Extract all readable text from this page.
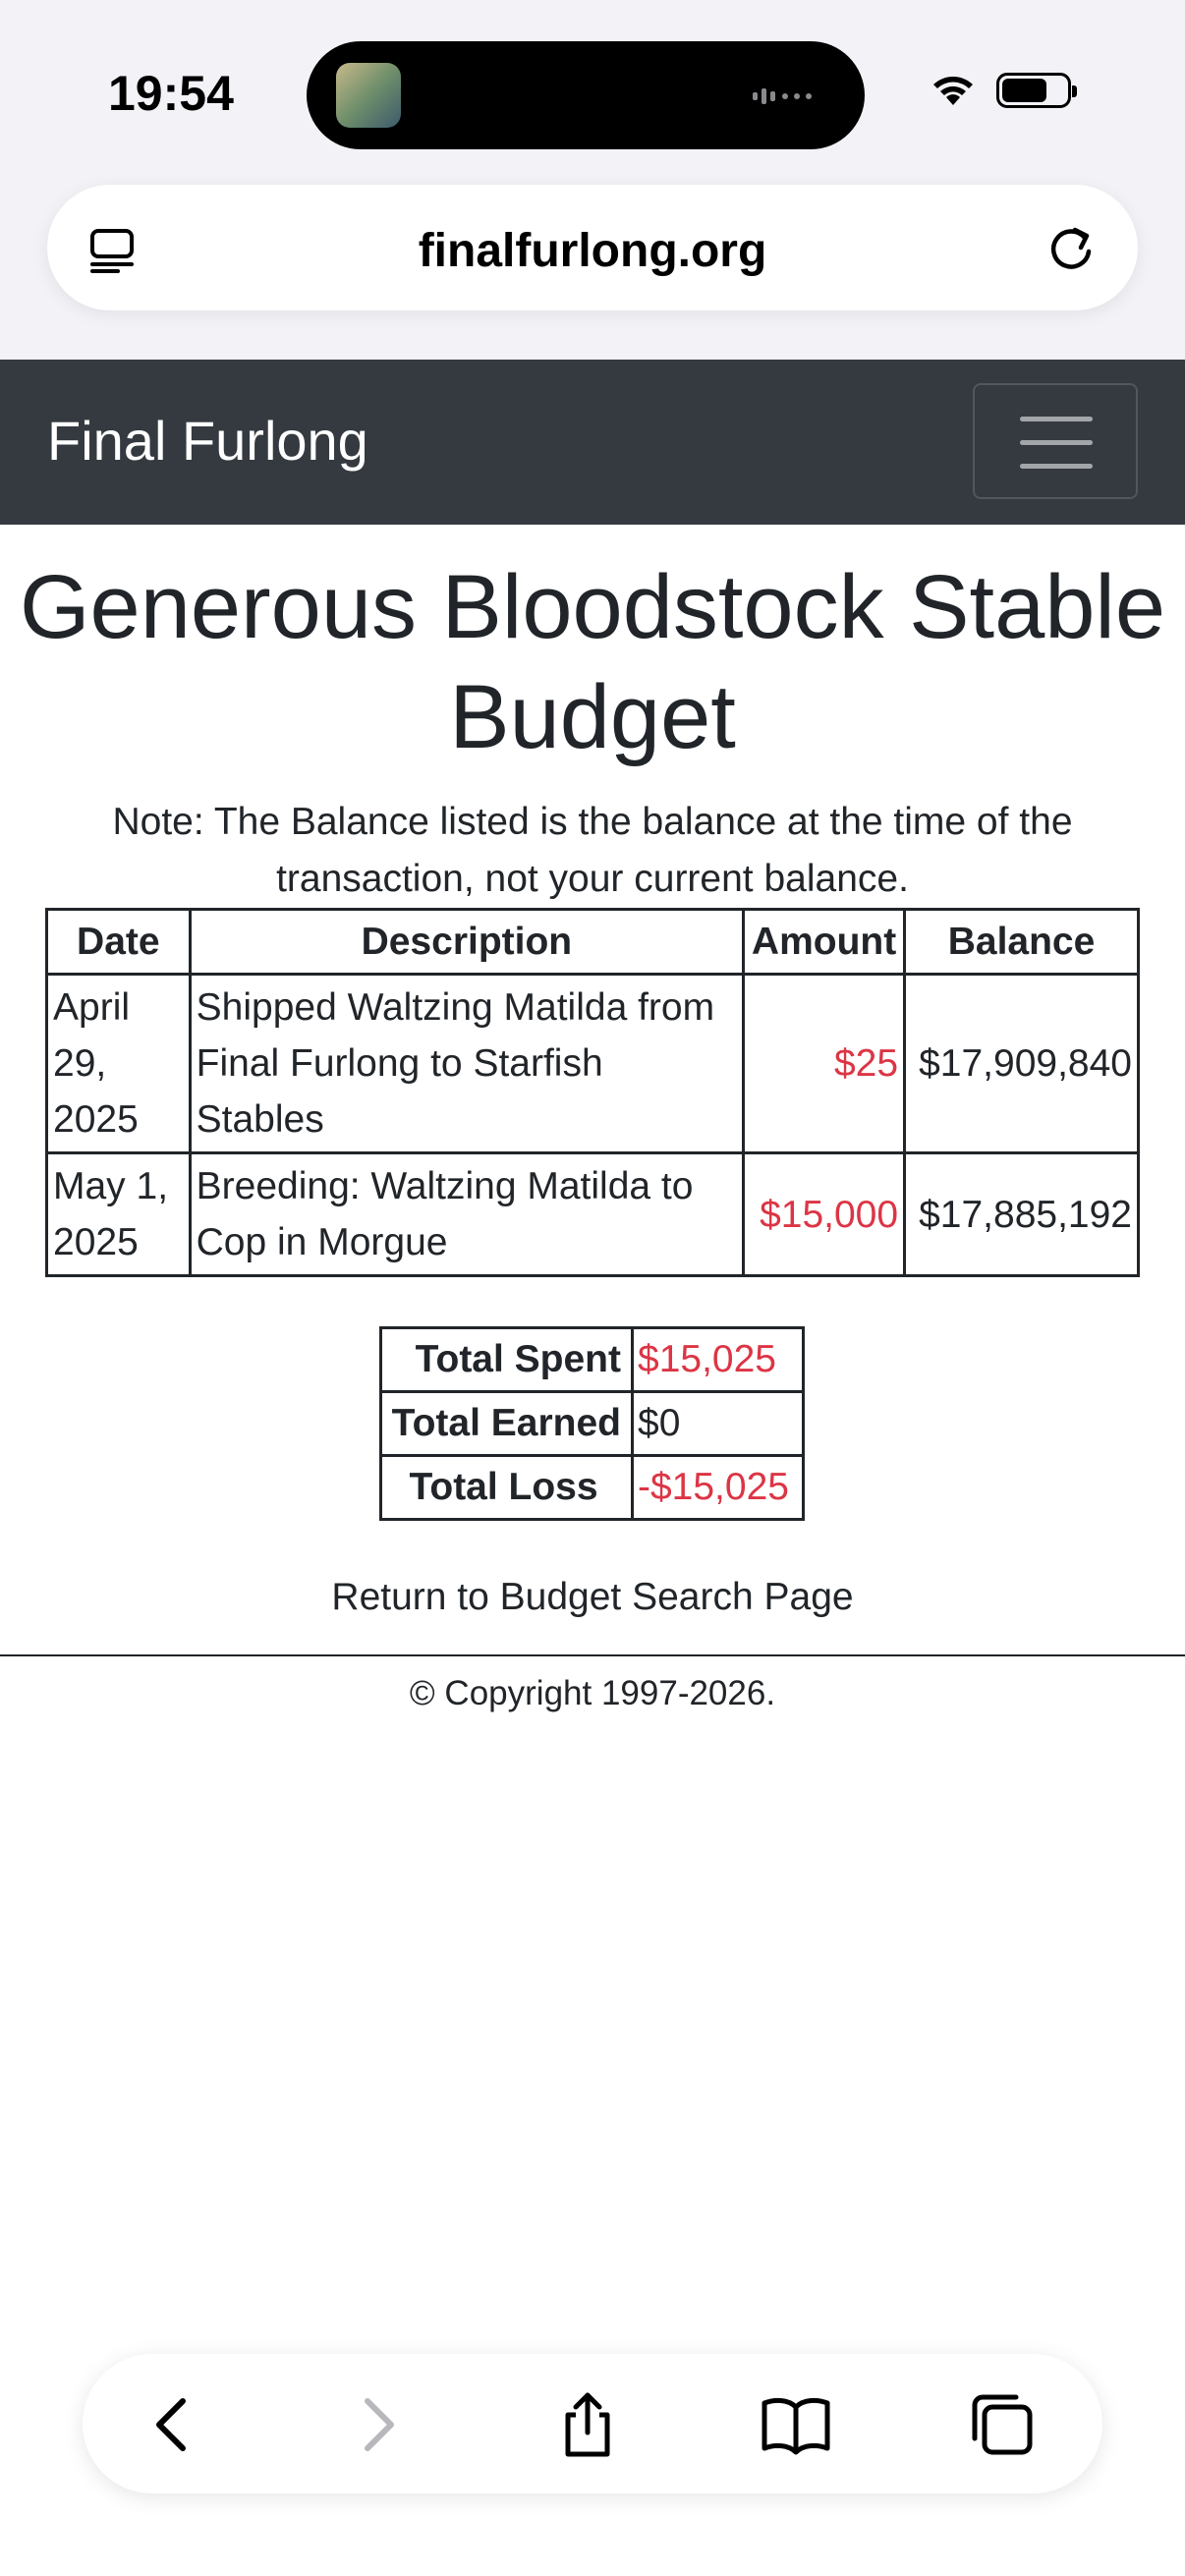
19:54
finalfurlong.org
Final Furlong
Generous Bloodstock Stable Budget
Note: The Balance listed is the balance at the time of the transaction, not your current balance.
Date	Description	Amount	Balance
April 29, 2025	Shipped Waltzing Matilda from Final Furlong to Starfish Stables	$25	$17,909,840
May 1, 2025	Breeding: Waltzing Matilda to Cop in Morgue	$15,000	$17,885,192
Total Spent	$15,025
Total Earned	$0
Total Loss	-$15,025
Return to Budget Search Page
© Copyright 1997-2026.
